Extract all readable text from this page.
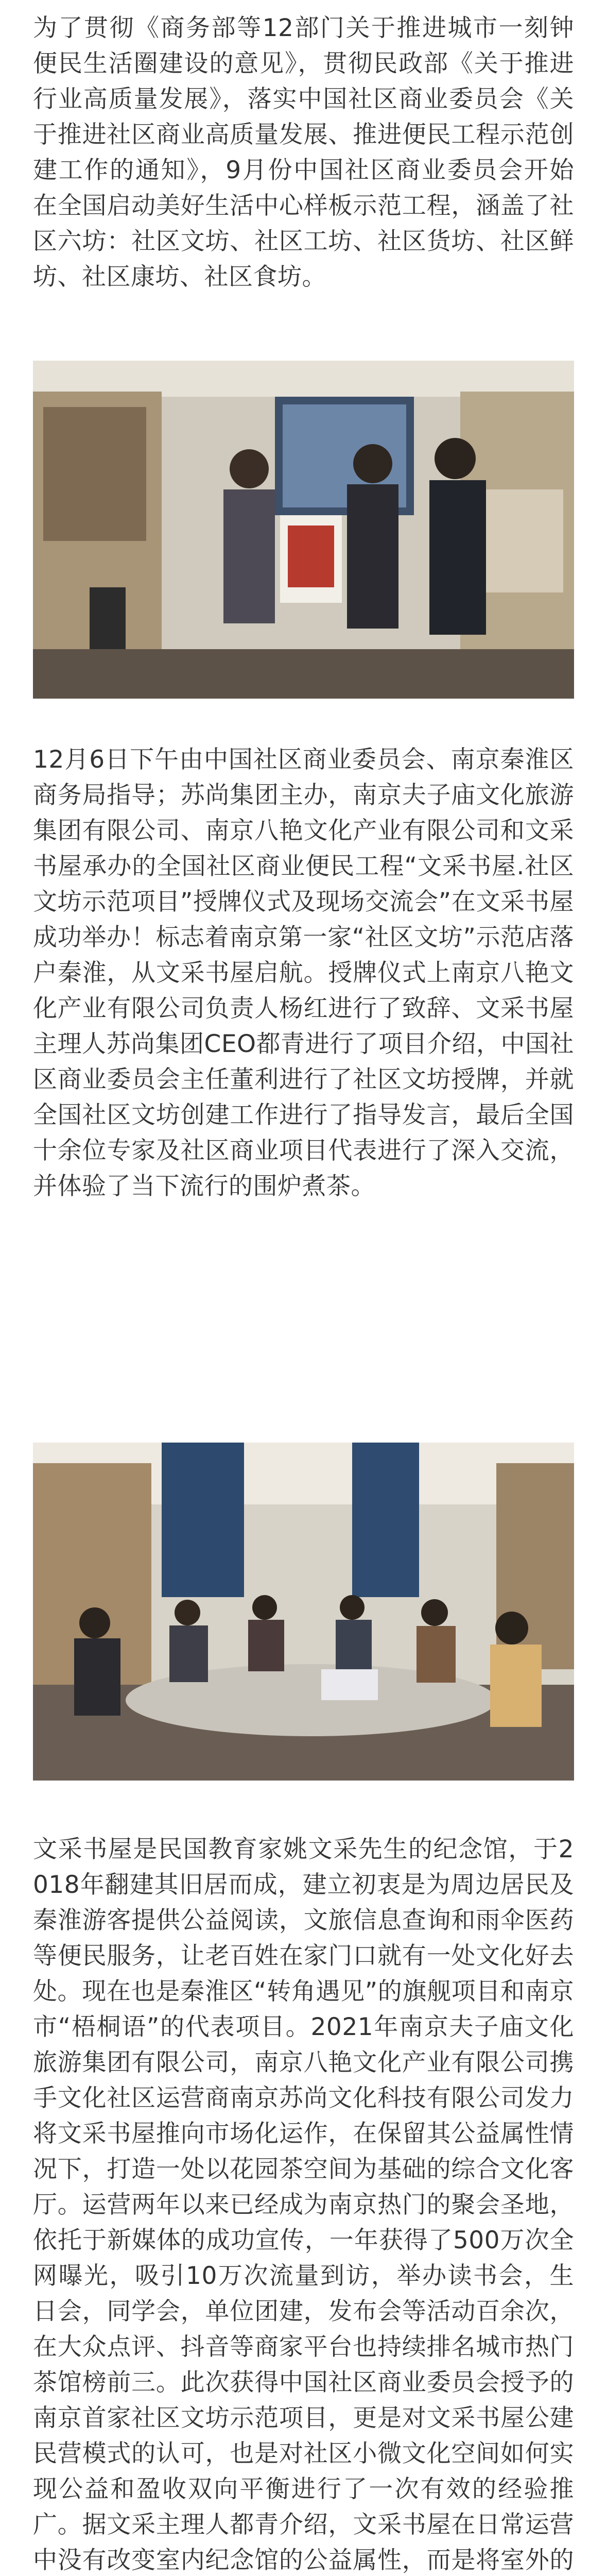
为了贯彻《商务部等12部门关于推进城市一刻钟便民生活圈建设的意见》，贯彻民政部《关于推进行业高质量发展》，落实中国社区商业委员会《关于推进社区商业高质量发展、推进便民工程示范创建工作的通知》，9月份中国社区商业委员会开始在全国启动美好生活中心样板示范工程，涵盖了社区六坊：社区文坊、社区工坊、社区货坊、社区鲜坊、社区康坊、社区食坊。

12月6日下午由中国社区商业委员会、南京秦淮区商务局指导；苏尚集团主办，南京夫子庙文化旅游集团有限公司、南京八艳文化产业有限公司和文采书屋承办的全国社区商业便民工程“文采书屋.社区文坊示范项目”授牌仪式及现场交流会”在文采书屋成功举办！标志着南京第一家“社区文坊”示范店落户秦淮，从文采书屋启航。授牌仪式上南京八艳文化产业有限公司负责人杨红进行了致辞、文采书屋主理人苏尚集团CEO都青进行了项目介绍，中国社区商业委员会主任董利进行了社区文坊授牌，并就全国社区文坊创建工作进行了指导发言，最后全国十余位专家及社区商业项目代表进行了深入交流，并体验了当下流行的围炉煮茶。

文采书屋是民国教育家姚文采先生的纪念馆，于2018年翻建其旧居而成，建立初衷是为周边居民及秦淮游客提供公益阅读，文旅信息查询和雨伞医药等便民服务，让老百姓在家门口就有一处文化好去处。现在也是秦淮区“转角遇见”的旗舰项目和南京市“梧桐语”的代表项目。2021年南京夫子庙文化旅游集团有限公司，南京八艳文化产业有限公司携手文化社区运营商南京苏尚文化科技有限公司发力将文采书屋推向市场化运作，在保留其公益属性情况下，打造一处以花园茶空间为基础的综合文化客厅。运营两年以来已经成为南京热门的聚会圣地，依托于新媒体的成功宣传，一年获得了500万次全网曝光，吸引10万次流量到访，举办读书会，生日会，同学会，单位团建，发布会等活动百余次，在大众点评、抖音等商家平台也持续排名城市热门茶馆榜前三。此次获得中国社区商业委员会授予的南京首家社区文坊示范项目，更是对文采书屋公建民营模式的认可，也是对社区小微文化空间如何实现公益和盈收双向平衡进行了一次有效的经验推广。据文采主理人都青介绍，文采书屋在日常运营中没有改变室内纪念馆的公益属性，而是将室外的
